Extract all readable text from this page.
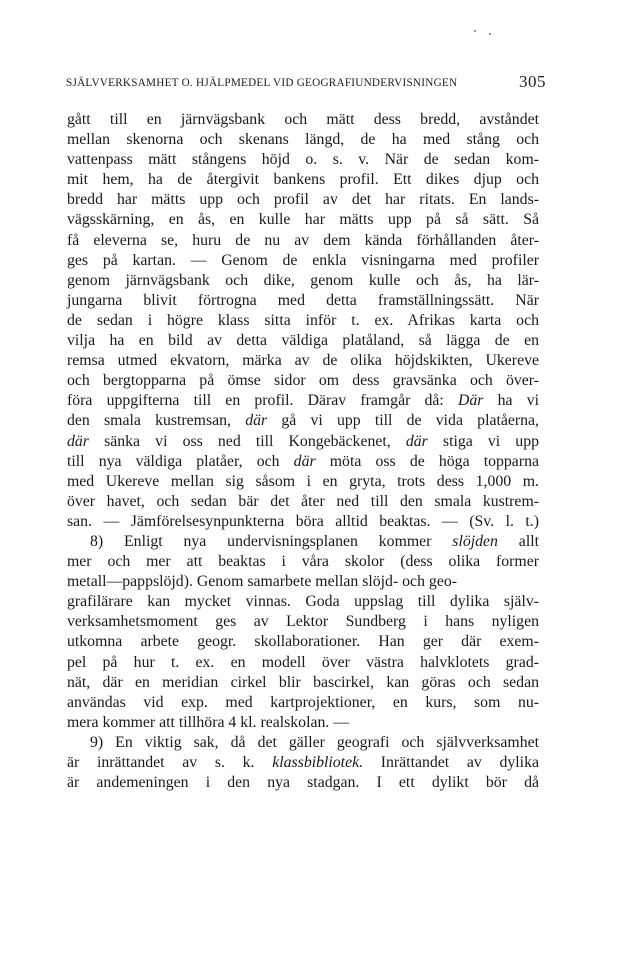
SJÄLVVERKSAMHET O. HJÄLPMEDEL VID GEOGRAFIUNDERVISNINGEN	305
gått till en järnvägsbank och mätt dess bredd, avståndet
mellan skenorna och skenans längd, de ha med stång och
vattenpass mätt stångens höjd o. s. v. När de sedan kom-
mit hem, ha de återgivit bankens profil. Ett dikes djup och
bredd har mätts upp och profil av det har ritats. En lands-
vägsskärning, en ås, en kulle har mätts upp på så sätt. Så
få eleverna se, huru de nu av dem kända förhållanden åter-
ges på kartan. — Genom de enkla visningarna med profiler
genom järnvägsbank och dike, genom kulle och ås, ha lär-
jungarna blivit förtrogna med detta framställningssätt. När
de sedan i högre klass sitta inför t. ex. Afrikas karta och
vilja ha en bild av detta väldiga platåland, så lägga de en
remsa utmed ekvatorn, märka av de olika höjdskikten, Ukereve
och bergtopparna på ömse sidor om dess gravsänka och över-
föra uppgifterna till en profil. Därav framgår då: Där ha vi
den smala kustremsan, där gå vi upp till de vida platåerna,
där sänka vi oss ned till Kongebäckenet, där stiga vi upp
till nya väldiga platåer, och där möta oss de höga topparna
med Ukereve mellan sig såsom i en gryta, trots dess 1,000 m.
över havet, och sedan bär det åter ned till den smala kustrem-
san. — Jämförelsesynpunkterna böra alltid beaktas. — (Sv. l. t.)
8) Enligt nya undervisningsplanen kommer slöjden allt
mer och mer att beaktas i våra skolor (dess olika former
metall—pappslöjd). Genom samarbete mellan slöjd- och geo-
grafilärare kan mycket vinnas. Goda uppslag till dylika själv-
verksamhetsmoment ges av Lektor Sundberg i hans nyligen
utkomna arbete geogr. skollaborationer. Han ger där exem-
pel på hur t. ex. en modell över västra halvklotets grad-
nät, där en meridian cirkel blir bascirkel, kan göras och sedan
användas vid exp. med kartprojektioner, en kurs, som nu-
mera kommer att tillhöra 4 kl. realskolan. —
9) En viktig sak, då det gäller geografi och självverksamhet
är inrättandet av s. k. klassbibliotek. Inrättandet av dylika
är andemeningen i den nya stadgan. I ett dylikt bör då
